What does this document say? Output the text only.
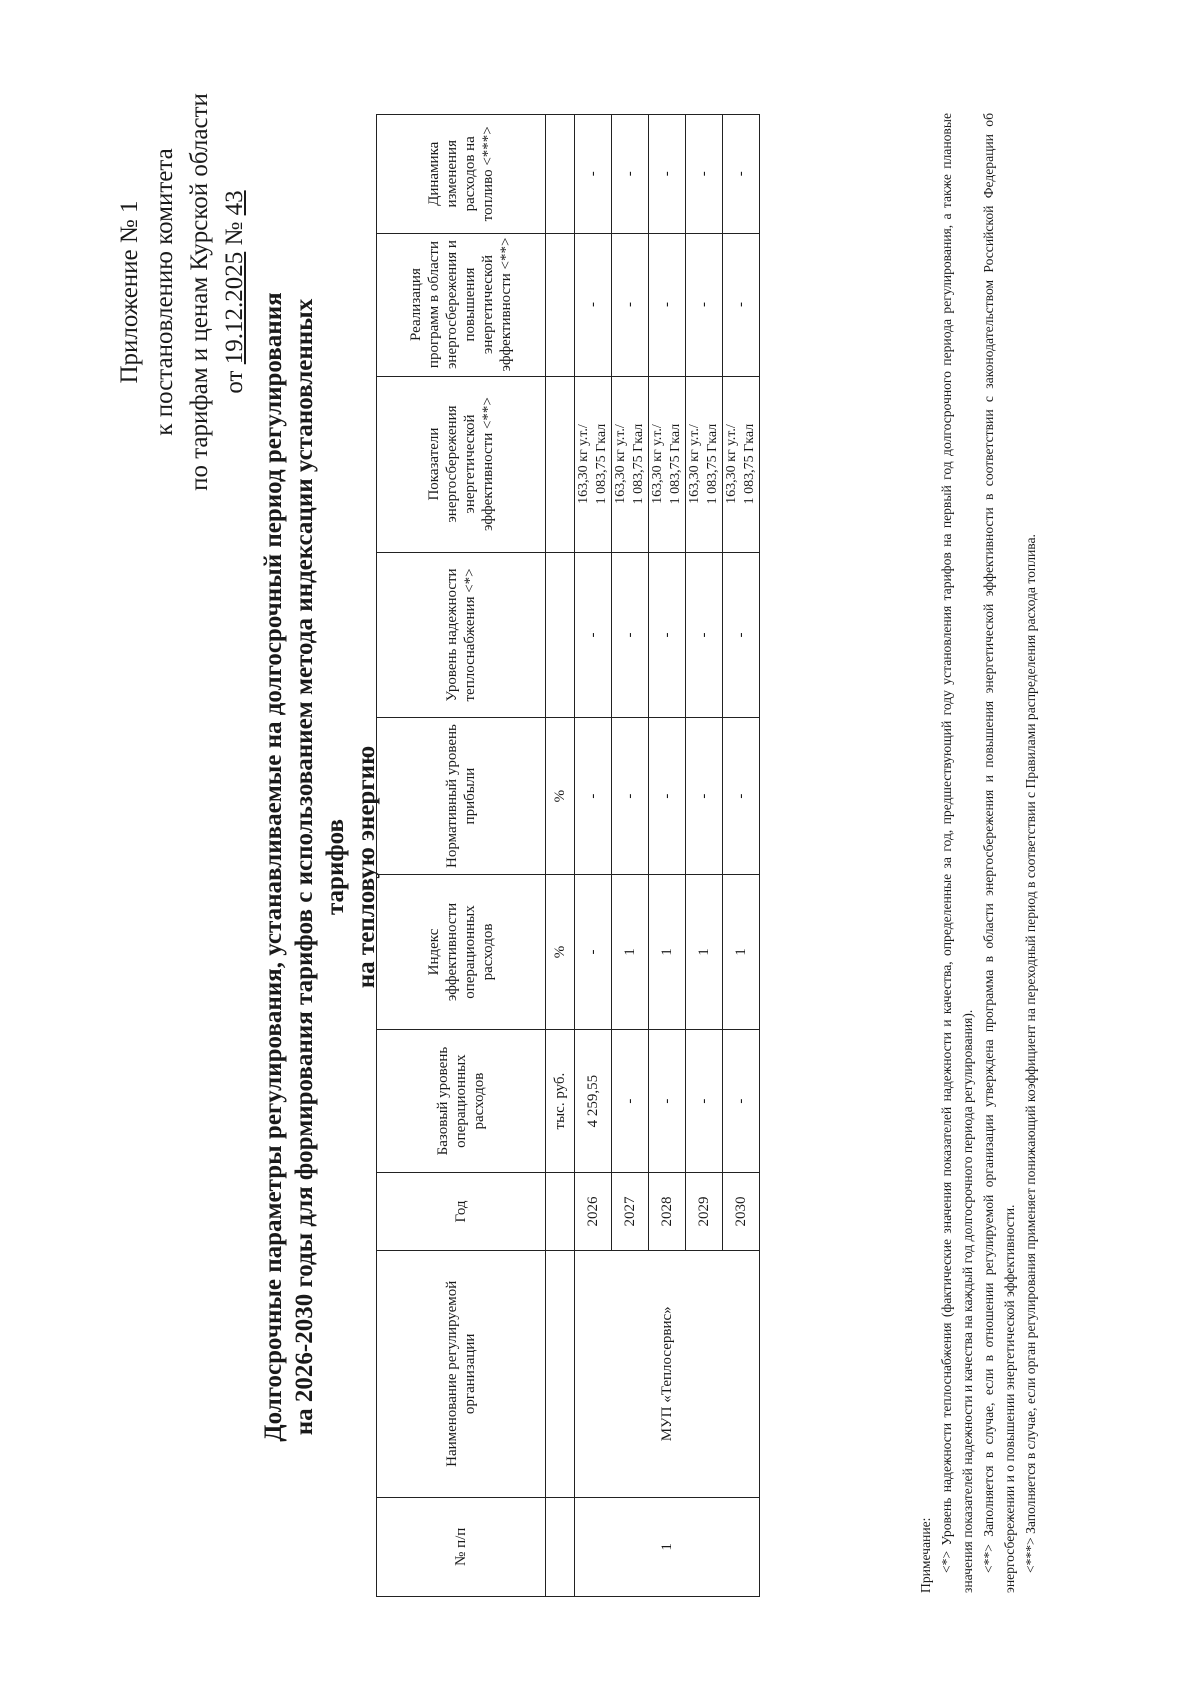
Приложение № 1 к постановлению комитета по тарифам и ценам Курской области от 19.12.2025 № 43
Долгосрочные параметры регулирования, устанавливаемые на долгосрочный период регулирования на 2026-2030 годы для формирования тарифов с использованием метода индексации установленных тарифов на тепловую энергию
№ п/п	Наименование регулируемой организации	Год	Базовый уровень операционных расходов	Индекс эффективности операционных расходов	Нормативный уровень прибыли	Уровень надежности теплоснабжения <*>	Показатели энергосбережения энергетической эффективности <**>	Реализация программ в области энергосбережения и повышения энергетической эффективности <**>	Динамика изменения расходов на топливо <***>
			тыс. руб.	%	%				
1	МУП «Теплосервис»	2026	4 259,55	-	-	-	163,30 кг у.т./ 1 083,75 Гкал	-	-
		2027	-	1	-	-	163,30 кг у.т./ 1 083,75 Гкал	-	-
		2028	-	1	-	-	163,30 кг у.т./ 1 083,75 Гкал	-	-
		2029	-	1	-	-	163,30 кг у.т./ 1 083,75 Гкал	-	-
		2030	-	1	-	-	163,30 кг у.т./ 1 083,75 Гкал	-	-

Примечание: <*> Уровень надежности теплоснабжения (фактические значения показателей надежности и качества, определенные за год, предшествующий году установления тарифов на первый год долгосрочного периода регулирования, а также плановые значения показателей надежности и качества на каждый год долгосрочного периода регулирования). <**> Заполняется в случае, если в отношении регулируемой организации утверждена программа в области энергосбережения и повышения энергетической эффективности в соответствии с законодательством Российской Федерации об энергосбережении и о повышении энергетической эффективности. <***> Заполняется в случае, если орган регулирования применяет понижающий коэффициент на переходный период в соответствии с Правилами распределения расхода топлива.
